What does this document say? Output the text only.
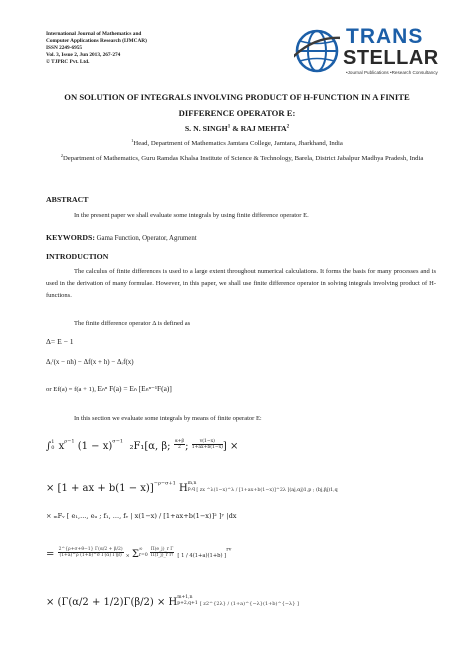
International Journal of Mathematics and
Computer Applications Research (IJMCAR)
ISSN 2249-6955
Vol. 3, Issue 2, Jun 2013, 267-274
© TJPRC Pvt. Ltd.
TRANS
STELLAR
•Journal Publications •Research Consultancy
ON SOLUTION OF INTEGRALS INVOLVING PRODUCT OF H-FUNCTION IN A FINITE
DIFFERENCE OPERATOR E:
S. N. SINGH$^1$ & RAJ MEHTA$^2$
$^1$Head, Department of Mathematics Jamtara College, Jamtara, Jharkhand, India
$^2$Department of Mathematics, Guru Ramdas Khalsa Institute of Science & Technology, Barela, District Jabalpur Madhya Pradesh, India
ABSTRACT
In the present paper we shall evaluate some integrals by using finite difference operator E.
KEYWORDS: Gama Function, Operator, Agrument
INTRODUCTION
The calculus of finite differences is used to a large extent throughout numerical calculations. It forms the basis for many processes and is used in the derivation of many formulae. However, in this paper, we shall use finite difference operator in solving integrals involving product of H-functions.
The finite difference operator Δ is defined as
Δ= E − 1
Δᵣᶠ(x − nh) − Δf(x + h) − Δᵣf(x)
or Ef(a) = f(a + 1), Eₙⁿ F(a) = Eₙ [Eₙⁿ⁻¹F(a)]
In this section we evaluate some integrals by means of finite operator E:
∫ 1
0 $x^{\rho-1}$ $(1 - x)^{\sigma-1}$ ₂F₁[α, β; $\frac{\alpha+\beta}{2}$ ; $\frac{v(1-x)}{1+ax+b(1-x)}$ ] ×
× [1 + ax + b(1 − x)]$^{-\rho-\sigma+1}$ H m,n
p,q [ zx ^λ(1−x)^λ / [1+ax+b(1−x)]^2λ ](aj,αj)1,p ; (bj,βj)1,q
× ₘFᵥ [ e₁,..., eᵤ ; f₁, ..., fᵥ | x(1−x) / [1+ax+b(1−x)]² ]ʸ |dx
= $\frac{2\^{}\{\rho+\sigma+\theta-1\} \Gamma(\alpha/2 + \beta/2)}{\text{(1+a)\textasciicircum{}ρ (1+b)\textasciicircum{}σ Γ(α) Γ(β)}} \times \Sigma$ ∞
$r=0 \frac{\text{Π(e\_j)\_r Γ}}{\text{Π(f\_j)\_r r!}}$ [ 1 / 4(1+a)(1+b) ]$^{rv}$
× (Γ(α/2 + 1/2)Γ(β/2) × H m+1,n
p+2,q+1 [ z2^{2λ} / (1+a)^{−λ}(1+b)^{−λ} ]
